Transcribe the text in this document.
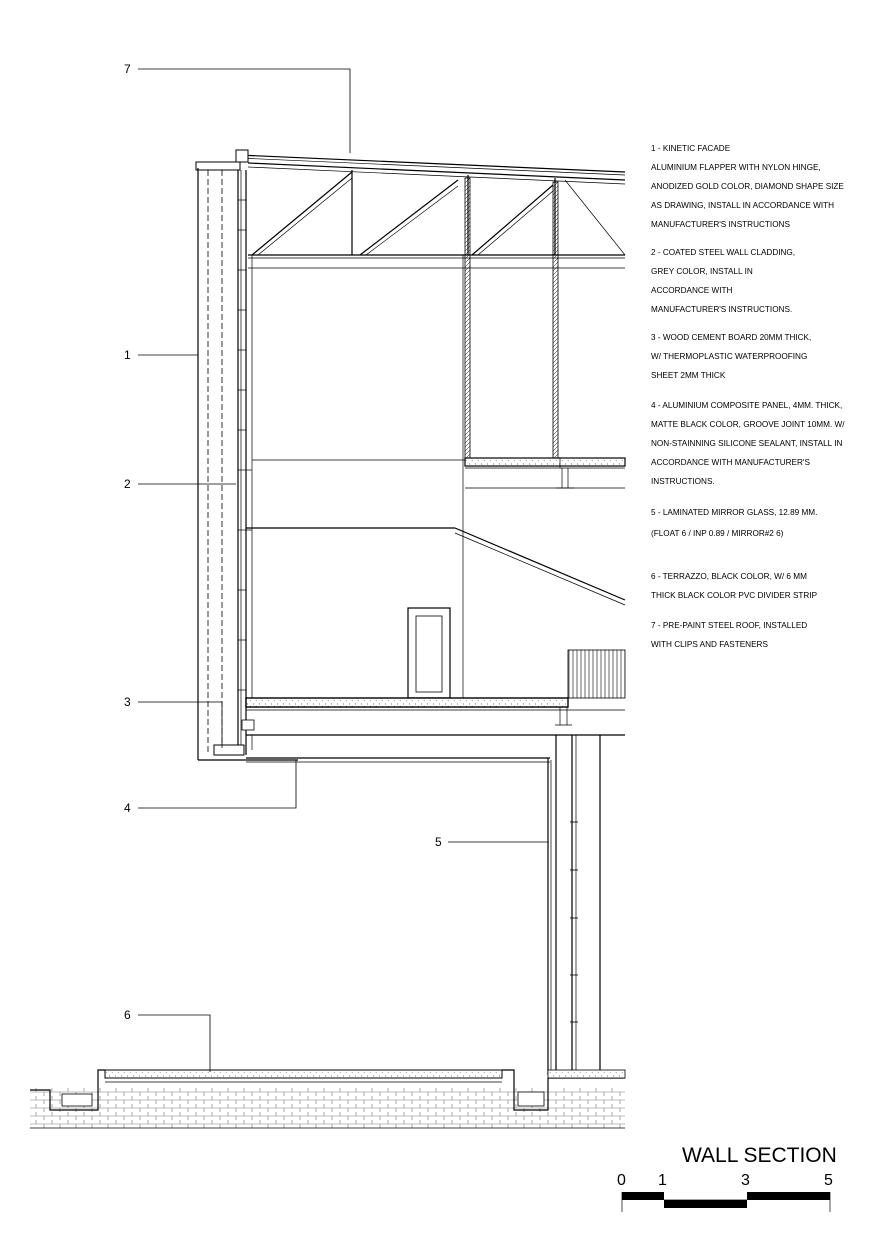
7
1
2
3
4
5
6
1 - KINETIC FACADE
ALUMINIUM FLAPPER WITH NYLON HINGE,
ANODIZED GOLD COLOR, DIAMOND SHAPE SIZE
AS DRAWING, INSTALL IN ACCORDANCE WITH
MANUFACTURER'S INSTRUCTIONS
2 - COATED STEEL WALL CLADDING,
GREY COLOR, INSTALL IN
ACCORDANCE WITH
MANUFACTURER'S INSTRUCTIONS.
3 - WOOD CEMENT BOARD 20MM THICK,
W/ THERMOPLASTIC WATERPROOFING
SHEET 2MM THICK
4 - ALUMINIUM COMPOSITE PANEL, 4MM. THICK,
MATTE BLACK COLOR, GROOVE JOINT 10MM. W/
NON-STAINNING SILICONE SEALANT, INSTALL IN
ACCORDANCE WITH MANUFACTURER'S
INSTRUCTIONS.
5 - LAMINATED MIRROR GLASS, 12.89 MM.
(FLOAT 6 / INP 0.89 / MIRROR#2 6)
6 - TERRAZZO, BLACK COLOR, W/ 6 MM
THICK BLACK COLOR PVC DIVIDER STRIP
7 - PRE-PAINT STEEL ROOF, INSTALLED
WITH CLIPS AND FASTENERS
WALL SECTION
0 1	3	5
